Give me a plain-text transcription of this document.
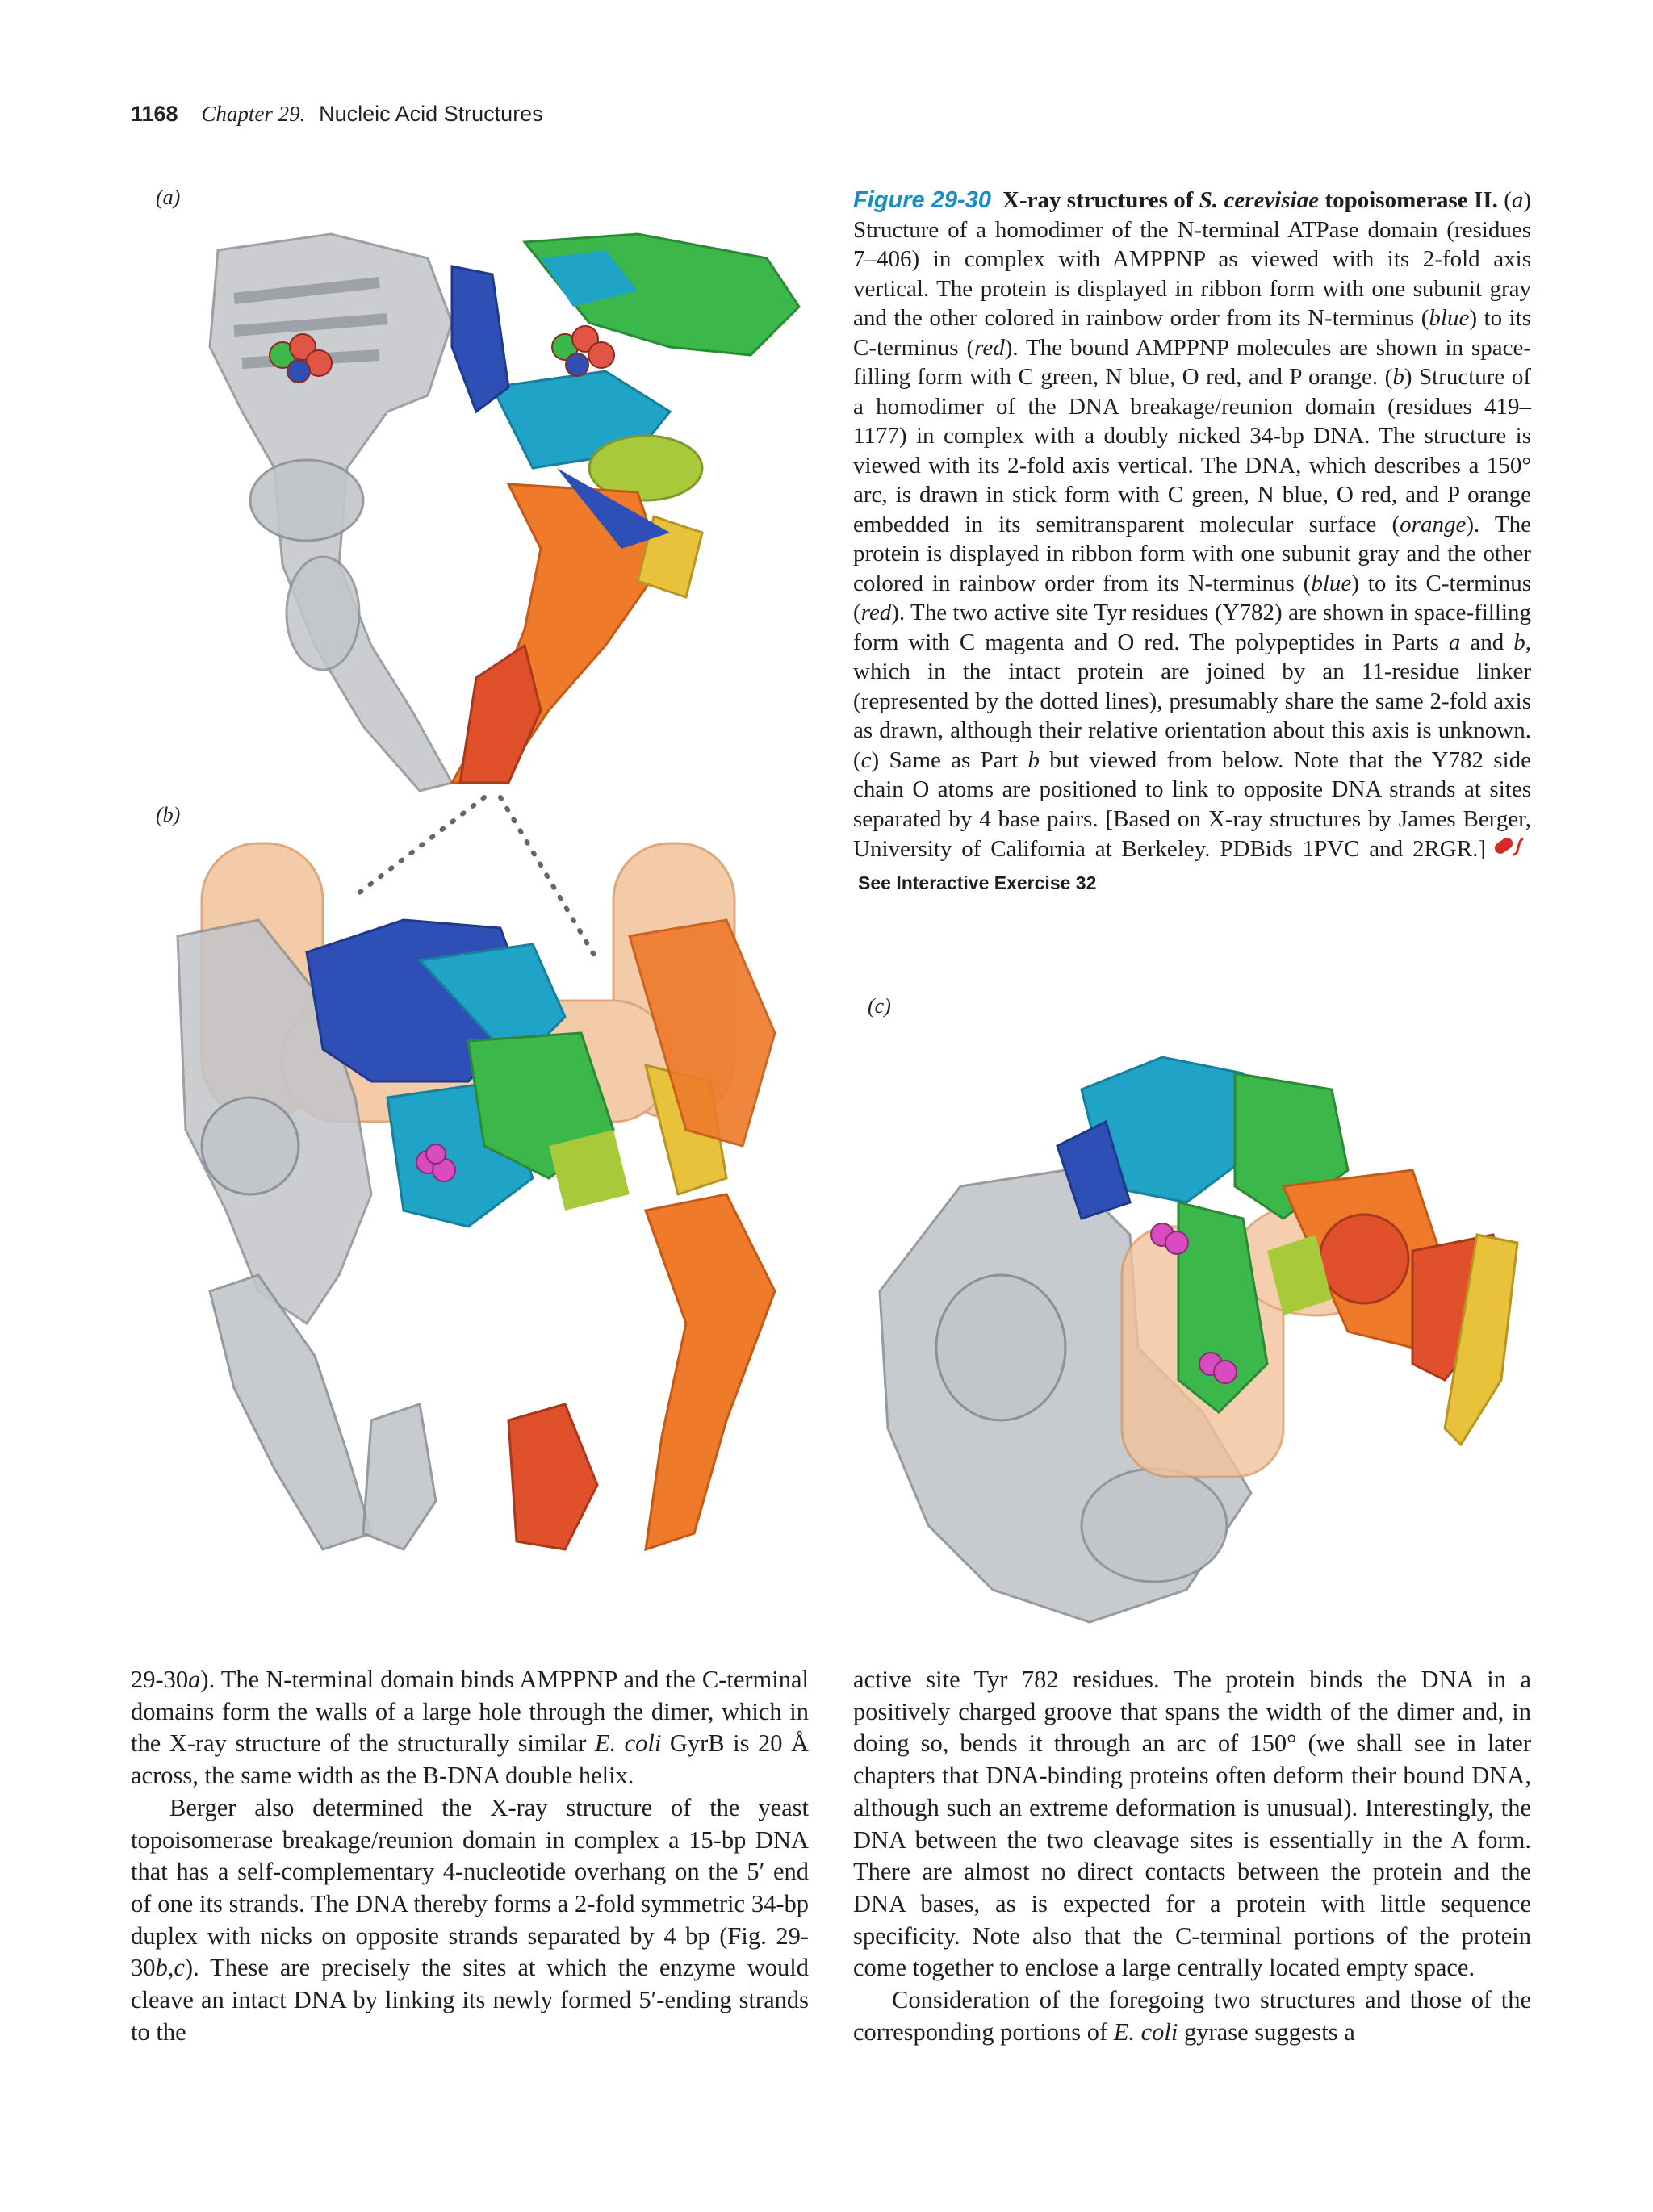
1168 Chapter 29. Nucleic Acid Structures
(a)
(b)
(c)
Figure 29-30 X-ray structures of S. cerevisiae topoisomerase II. (a) Structure of a homodimer of the N-terminal ATPase domain (residues 7–406) in complex with AMPPNP as viewed with its 2-fold axis vertical. The protein is displayed in ribbon form with one subunit gray and the other colored in rainbow order from its N-terminus (blue) to its C-terminus (red). The bound AMPPNP molecules are shown in space-filling form with C green, N blue, O red, and P orange. (b) Structure of a homodimer of the DNA breakage/reunion domain (residues 419–1177) in complex with a doubly nicked 34-bp DNA. The structure is viewed with its 2-fold axis vertical. The DNA, which describes a 150° arc, is drawn in stick form with C green, N blue, O red, and P orange embedded in its semitransparent molecular surface (orange). The protein is displayed in ribbon form with one subunit gray and the other colored in rainbow order from its N-terminus (blue) to its C-terminus (red). The two active site Tyr residues (Y782) are shown in space-filling form with C magenta and O red. The polypeptides in Parts a and b, which in the intact protein are joined by an 11-residue linker (represented by the dotted lines), presumably share the same 2-fold axis as drawn, although their relative orientation about this axis is unknown. (c) Same as Part b but viewed from below. Note that the Y782 side chain O atoms are positioned to link to opposite DNA strands at sites separated by 4 base pairs. [Based on X-ray structures by James Berger, University of California at Berkeley. PDBids 1PVC and 2RGR.]See Interactive Exercise 32

29-30a). The N-terminal domain binds AMPPNP and the C-terminal domains form the walls of a large hole through the dimer, which in the X-ray structure of the structurally similar E. coli GyrB is 20 Å across, the same width as the B-DNA double helix.

Berger also determined the X-ray structure of the yeast topoisomerase breakage/reunion domain in complex a 15-bp DNA that has a self-complementary 4-nucleotide overhang on the 5′ end of one its strands. The DNA thereby forms a 2-fold symmetric 34-bp duplex with nicks on opposite strands separated by 4 bp (Fig. 29-30b,c). These are precisely the sites at which the enzyme would cleave an intact DNA by linking its newly formed 5′-ending strands to the

active site Tyr 782 residues. The protein binds the DNA in a positively charged groove that spans the width of the dimer and, in doing so, bends it through an arc of 150° (we shall see in later chapters that DNA-binding proteins often deform their bound DNA, although such an extreme deformation is unusual). Interestingly, the DNA between the two cleavage sites is essentially in the A form. There are almost no direct contacts between the protein and the DNA bases, as is expected for a protein with little sequence specificity. Note also that the C-terminal portions of the protein come together to enclose a large centrally located empty space.

Consideration of the foregoing two structures and those of the corresponding portions of E. coli gyrase suggests a
